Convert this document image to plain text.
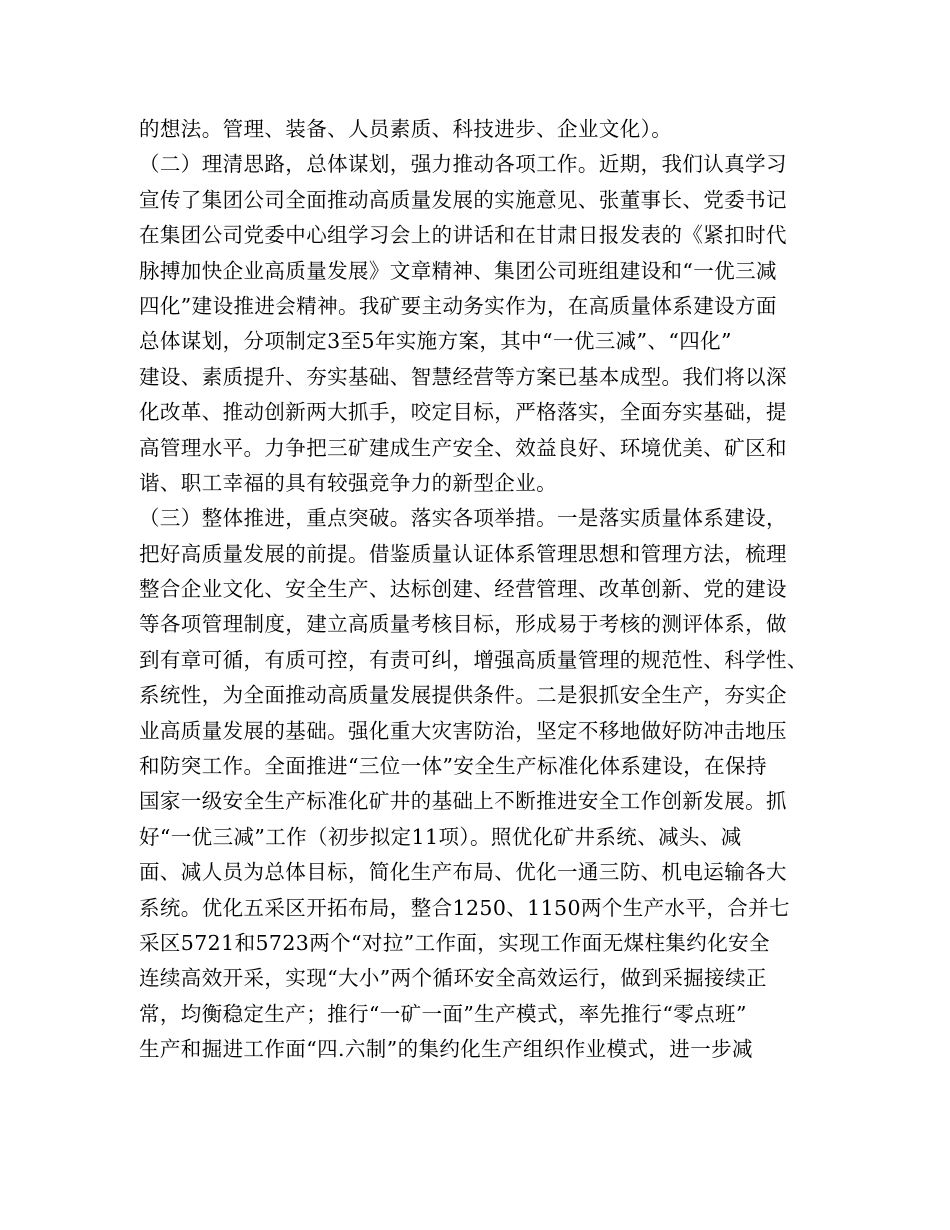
的想法。管理、装备、人员素质、科技进步、企业文化）。
（二）理清思路，总体谋划，强力推动各项工作。近期，我们认真学习
宣传了集团公司全面推动高质量发展的实施意见、张董事长、党委书记
在集团公司党委中心组学习会上的讲话和在甘肃日报发表的《紧扣时代
脉搏加快企业高质量发展》文章精神、集团公司班组建设和“一优三减
四化”建设推进会精神。我矿要主动务实作为，在高质量体系建设方面
总体谋划，分项制定3至5年实施方案，其中“一优三减”、“四化”
建设、素质提升、夯实基础、智慧经营等方案已基本成型。我们将以深
化改革、推动创新两大抓手，咬定目标，严格落实，全面夯实基础，提
高管理水平。力争把三矿建成生产安全、效益良好、环境优美、矿区和
谐、职工幸福的具有较强竞争力的新型企业。
（三）整体推进，重点突破。落实各项举措。一是落实质量体系建设，
把好高质量发展的前提。借鉴质量认证体系管理思想和管理方法，梳理
整合企业文化、安全生产、达标创建、经营管理、改革创新、党的建设
等各项管理制度，建立高质量考核目标，形成易于考核的测评体系，做
到有章可循，有质可控，有责可纠，增强高质量管理的规范性、科学性、
系统性，为全面推动高质量发展提供条件。二是狠抓安全生产，夯实企
业高质量发展的基础。强化重大灾害防治，坚定不移地做好防冲击地压
和防突工作。全面推进“三位一体”安全生产标准化体系建设，在保持
国家一级安全生产标准化矿井的基础上不断推进安全工作创新发展。抓
好“一优三减”工作（初步拟定11项）。照优化矿井系统、减头、减
面、减人员为总体目标，简化生产布局、优化一通三防、机电运输各大
系统。优化五采区开拓布局，整合1250、1150两个生产水平，合并七
采区5721和5723两个“对拉”工作面，实现工作面无煤柱集约化安全
连续高效开采，实现“大小”两个循环安全高效运行，做到采掘接续正
常，均衡稳定生产；推行“一矿一面”生产模式，率先推行“零点班”
生产和掘进工作面“四.六制”的集约化生产组织作业模式，进一步减
